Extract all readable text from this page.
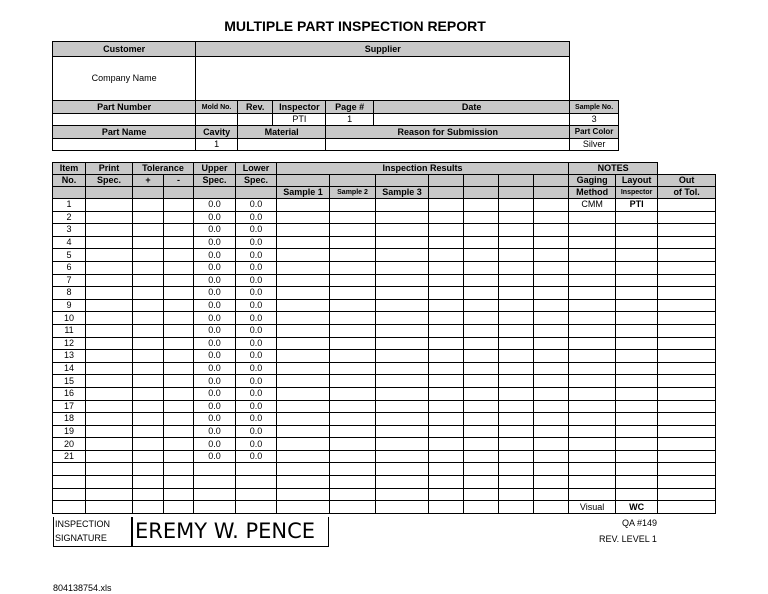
MULTIPLE PART INSPECTION REPORT
Customer	Supplier					
Company Name						
Part Number	Mold No.	Rev.	Inspector	Page #	Date	Sample No.
			PTI	1		3
Part Name	Cavity	Material		Reason for Submission		Part Color
	1					Silver
Item	Print	Tolerance		Upper	Lower	Inspection Results							NOTES		
No.	Spec.	+	-	Spec.	Spec.								Gaging	Layout	Out
						Sample 1	Sample 2	Sample 3					Method	Inspector	of Tol.
1				0.0	0.0								CMM	PTI	
2				0.0	0.0										
3				0.0	0.0										
4				0.0	0.0										
5				0.0	0.0										
6				0.0	0.0										
7				0.0	0.0										
8				0.0	0.0										
9				0.0	0.0										
10				0.0	0.0										
11				0.0	0.0										
12				0.0	0.0										
13				0.0	0.0										
14				0.0	0.0										
15				0.0	0.0										
16				0.0	0.0										
17				0.0	0.0										
18				0.0	0.0										
19				0.0	0.0										
20				0.0	0.0										
21				0.0	0.0										

													Visual	WC	
INSPECTION
SIGNATURE	EREMY W. PENCE	QA #149
REV. LEVEL 1
804138754.xls
